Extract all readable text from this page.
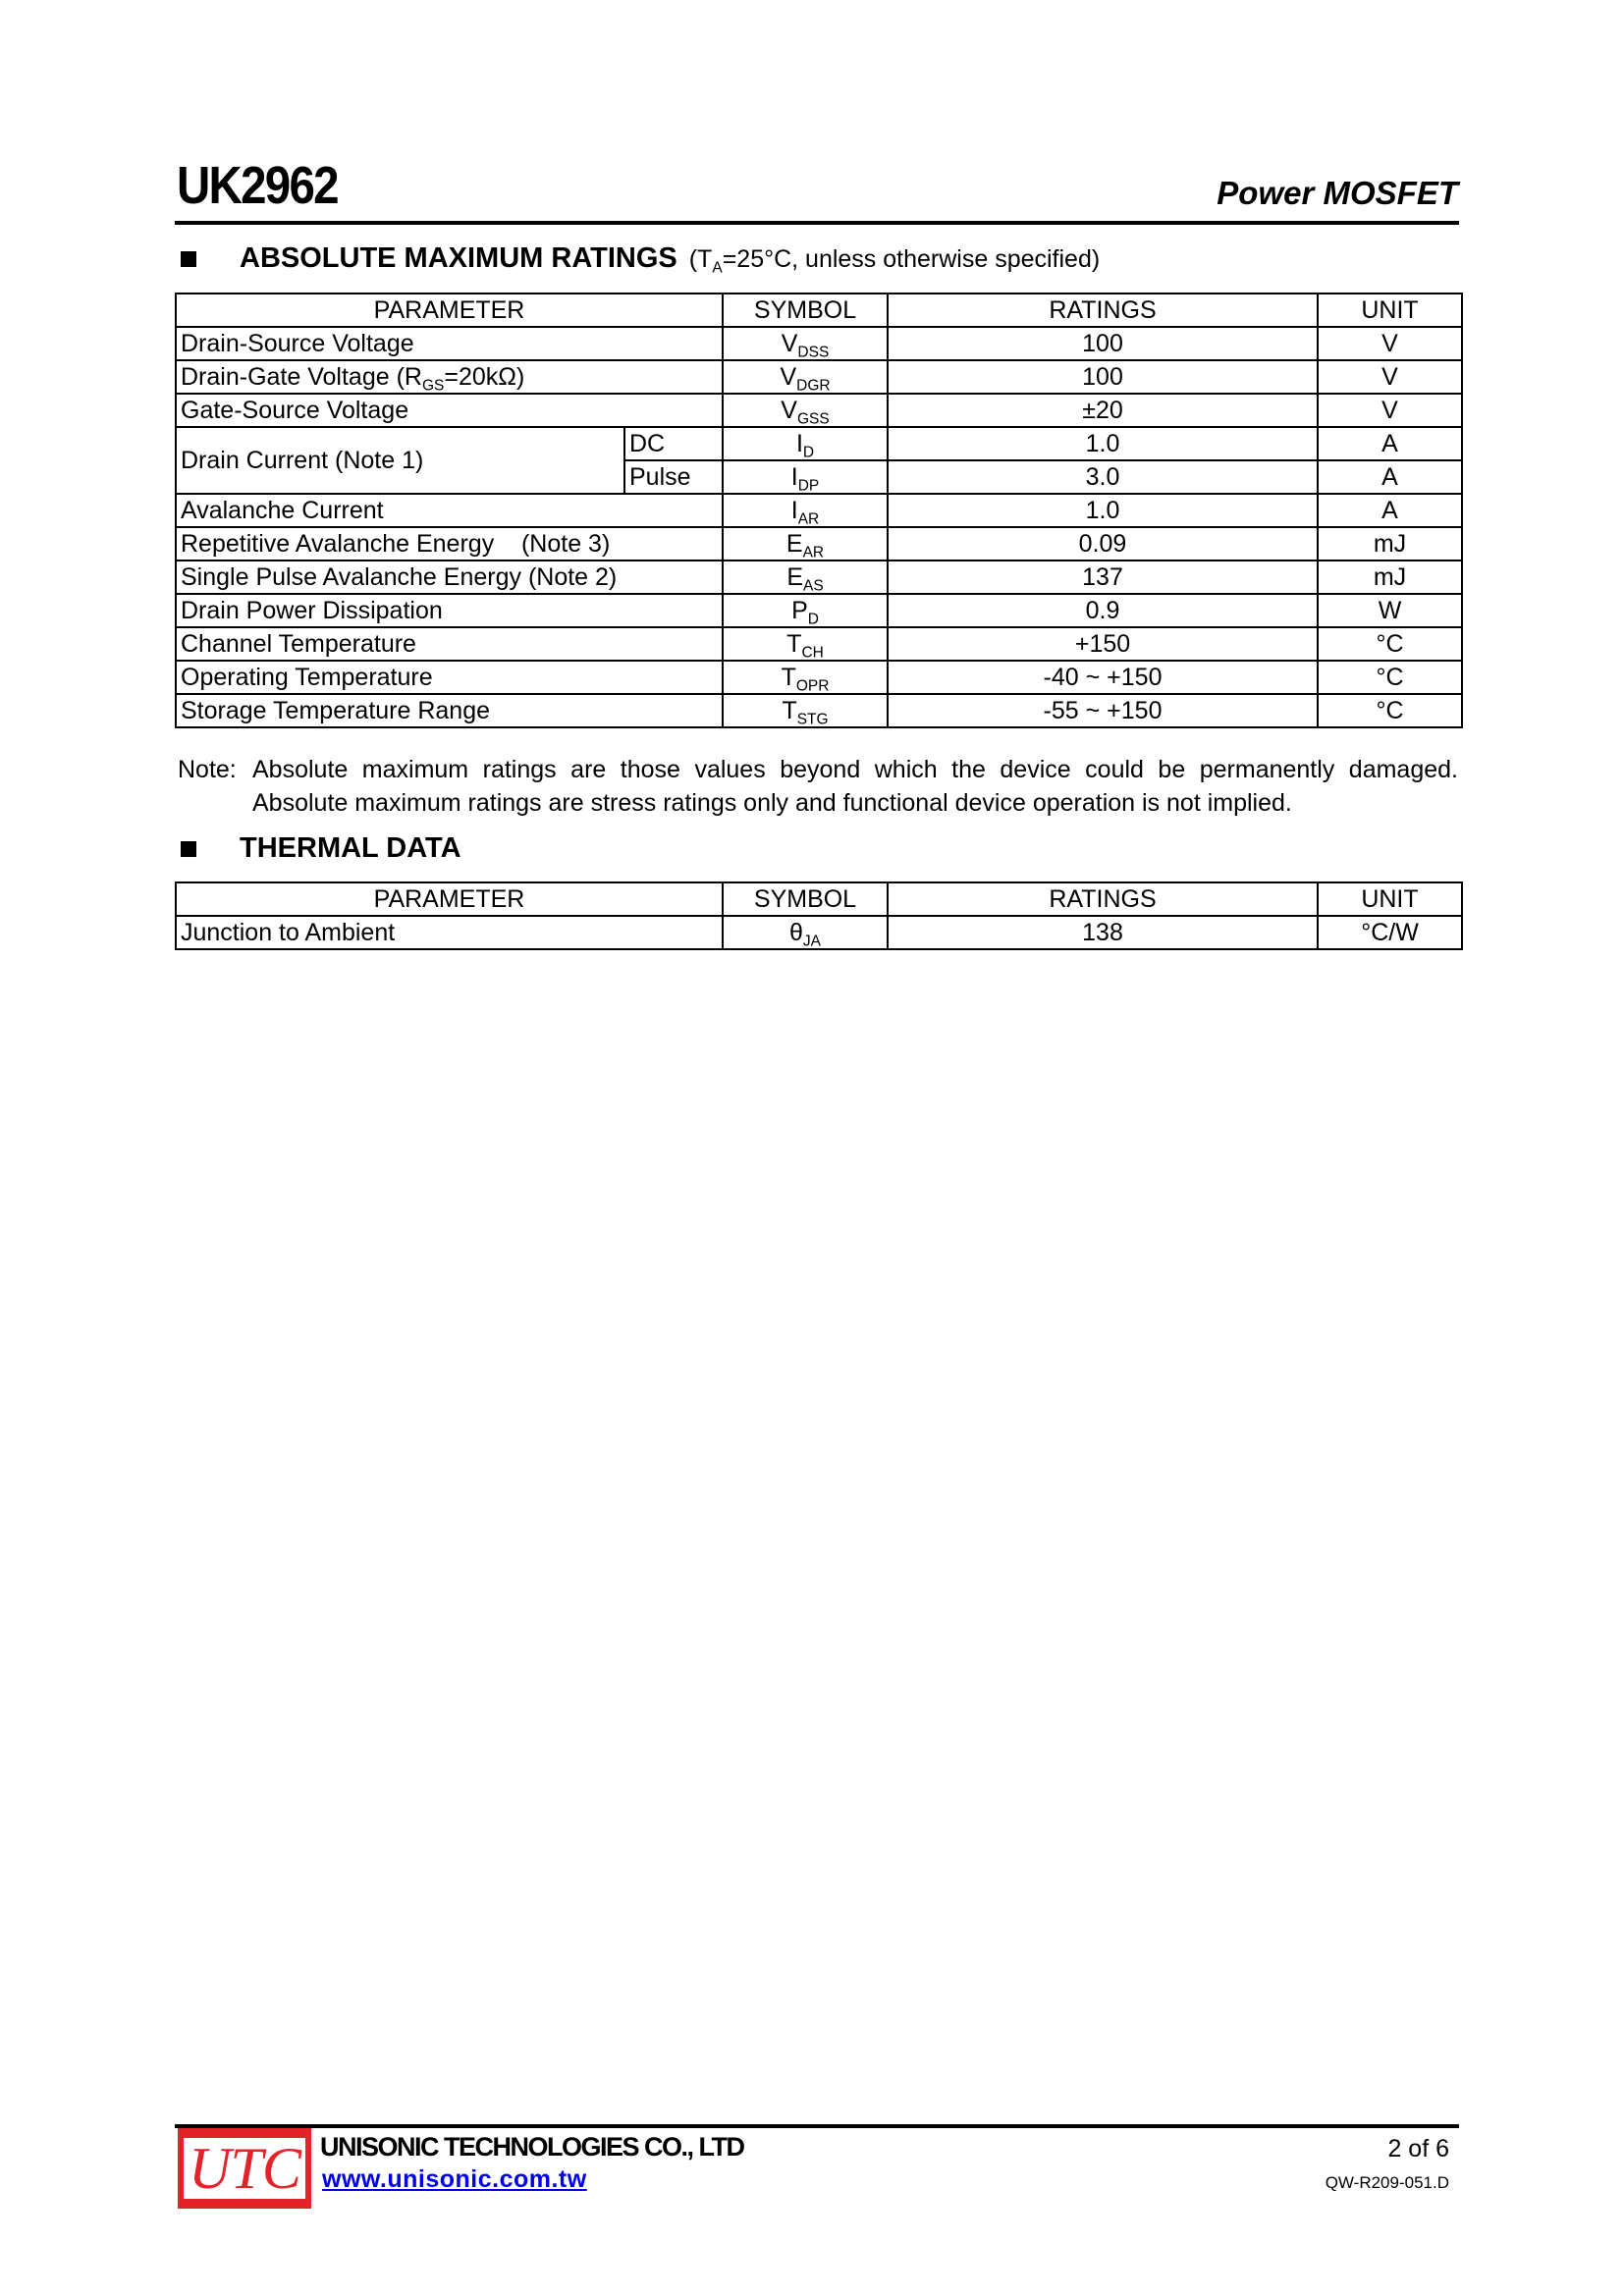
UK2962	Power MOSFET
ABSOLUTE MAXIMUM RATINGS ($T_A=25^\circ C$, unless otherwise specified)
PARAMETER		SYMBOL	RATINGS	UNIT
Drain-Source Voltage		$V_{DSS}$	100	V
Drain-Gate Voltage $(R_{GS}=20k\Omega)$		$V_{DGR}$	100	V
Gate-Source Voltage		$V_{GSS}$	±20	V
Drain Current (Note 1)	DC	$I_D$	1.0	A
	Pulse	$I_{DP}$	3.0	A
Avalanche Current		$I_{AR}$	1.0	A
Repetitive Avalanche Energy    (Note 3)		$E_{AR}$	0.09	mJ
Single Pulse Avalanche Energy (Note 2)		$E_{AS}$	137	mJ
Drain Power Dissipation		$P_D$	0.9	W
Channel Temperature		$T_{CH}$	+150	°C
Operating Temperature		$T_{OPR}$	-40 ~ +150	°C
Storage Temperature Range		$T_{STG}$	-55 ~ +150	°C
Note: Absolute maximum ratings are those values beyond which the device could be permanently damaged.
Absolute maximum ratings are stress ratings only and functional device operation is not implied.
THERMAL DATA
PARAMETER	SYMBOL	RATINGS	UNIT
Junction to Ambient	$\theta_{JA}$	138	°C/W
UTC UNISONIC TECHNOLOGIES CO., LTD
www.unisonic.com.tw
2 of 6
QW-R209-051.D
